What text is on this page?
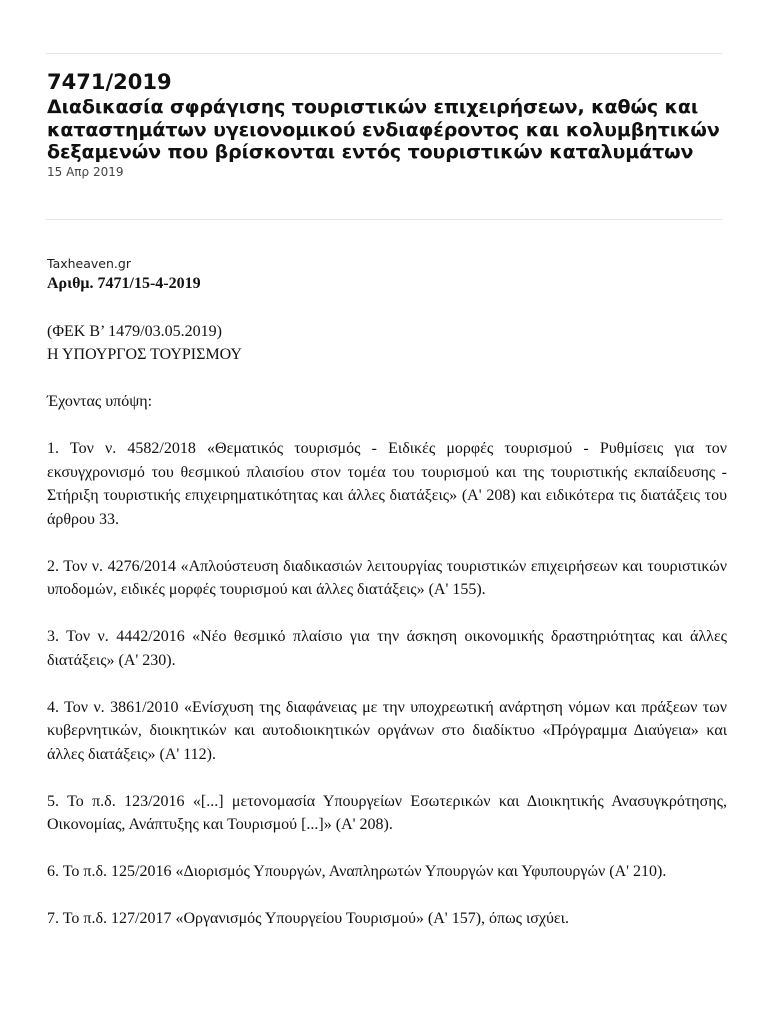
7471/2019
Διαδικασία σφράγισης τουριστικών επιχειρήσεων, καθώς και καταστημάτων υγειονομικού ενδιαφέροντος και κολυμβητικών δεξαμενών που βρίσκονται εντός τουριστικών καταλυμάτων
15 Απρ 2019
Taxheaven.gr
Αριθμ. 7471/15-4-2019

(ΦΕΚ Β’ 1479/03.05.2019)

Η ΥΠΟΥΡΓΟΣ ΤΟΥΡΙΣΜΟΥ

Έχοντας υπόψη:

1. Τον ν. 4582/2018 «Θεματικός τουρισμός - Ειδικές μορφές τουρισμού - Ρυθμίσεις για τον εκσυγχρονισμό του θεσμικού πλαισίου στον τομέα του τουρισμού και της τουριστικής εκπαίδευσης - Στήριξη τουριστικής επιχειρηματικότητας και άλλες διατάξεις» (Α' 208) και ειδικότερα τις διατάξεις του άρθρου 33.

2. Τον ν. 4276/2014 «Απλούστευση διαδικασιών λειτουργίας τουριστικών επιχειρήσεων και τουριστικών υποδομών, ειδικές μορφές τουρισμού και άλλες διατάξεις» (Α' 155).

3. Τον ν. 4442/2016 «Νέο θεσμικό πλαίσιο για την άσκηση οικονομικής δραστηριότητας και άλλες διατάξεις» (Α' 230).

4. Τον ν. 3861/2010 «Ενίσχυση της διαφάνειας με την υποχρεωτική ανάρτηση νόμων και πράξεων των κυβερνητικών, διοικητικών και αυτοδιοικητικών οργάνων στο διαδίκτυο «Πρόγραμμα Διαύγεια» και άλλες διατάξεις» (Α' 112).

5. Το π.δ. 123/2016 «[...] μετονομασία Υπουργείων Εσωτερικών και Διοικητικής Ανασυγκρότησης, Οικονομίας, Ανάπτυξης και Τουρισμού [...]» (Α' 208).

6. Το π.δ. 125/2016 «Διορισμός Υπουργών, Αναπληρωτών Υπουργών και Υφυπουργών (Α' 210).

7. Το π.δ. 127/2017 «Οργανισμός Υπουργείου Τουρισμού» (Α' 157), όπως ισχύει.
